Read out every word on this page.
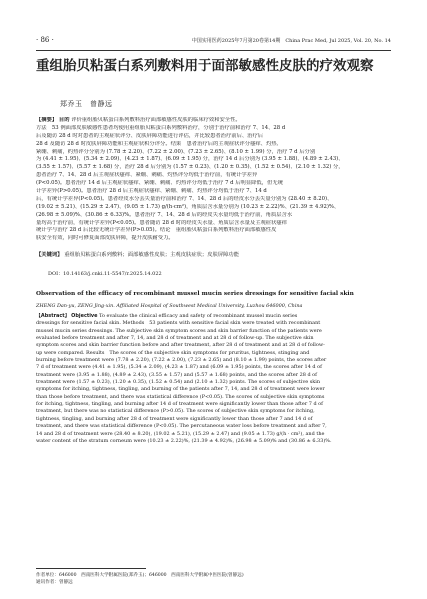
· 86 ·	中国实用医药2025年7月第20卷第14期　China Prac Med, Jul 2025, Vol. 20, No. 14
重组胎贝粘蛋白系列敷料用于面部敏感性皮肤的疗效观察
郑乔玉　曾静远
【摘要】 目的 评价重组胎贝粘蛋白系列敷料治疗面部敏感性皮肤的临床疗效和安全性。
方法　53 例面部皮肤敏感性患者均使用重组胎贝粘蛋白系列敷料治疗，分别于治疗前和治疗 7、14、28 d
后及随访 28 d 时对患者的主观症状评分、皮肤屏障功能进行评估，并比较患者治疗前后、治疗后
28 d 及随访 28 d 时皮肤屏障功能和主观症状积分评分。结果　患者治疗后的主观症状评分瘙痒、灼热、
紧绷、刺痛，约热评分分别为 (7.78 ± 2.20)、(7.22 ± 2.00)、(7.23 ± 2.65)、(8.10 ± 1.99) 分，治疗 7 d 后分别
为 (4.41 ± 1.95)、(5.34 ± 2.09)、(4.23 ± 1.87)、(6.09 ± 1.95) 分，治疗 14 d 后分别为 (3.95 ± 1.88)、(4.89 ± 2.43)、
(3.55 ± 1.57)、(5.57 ± 1.68) 分，治疗 28 d 后分别为 (1.57 ± 0.23)、(1.20 ± 0.35)、(1.52 ± 0.54)、(2.10 ± 1.32) 分，
患者治疗 7、14、28 d 后主观症状瘙痒、紧绷、刺痛、灼热评分均低于治疗前，有统计学差异
(P<0.05)。患者治疗 14 d 后主观症状瘙痒、紧绷、刺痛、灼热评分均低于治疗 7 d 后明显降低，但无统
计学差异(P>0.05)。患者治疗 28 d 后主观症状瘙痒、紧绷、刺痛、灼热评分均低于治疗 7、14 d
后，有统计学差异(P<0.05)。患者经皮水分丢失量治疗前和治疗 7、14、28 d 后的经皮水分丢失量分别为 (28.40 ± 8.20)、
(19.02 ± 5.21)、(15.29 ± 2.47)、(9.05 ± 1.73) g/(h·cm²)，角质层含水量分别为 (10.23 ± 2.22)%、(21.39 ± 4.92)%、
(26.98 ± 5.09)%、(30.86 ± 6.33)%。患者治疗 7、14、28 d 后的经皮失水量均低于治疗前，角质层含水
量均高于治疗前，有统计学差异(P<0.05)。患者随访 28 d 时的经皮失水量、角质层含水量及主观症状瘙痒
统计学与治疗 28 d 后比较无统计学差异(P>0.05)。结论　重组胎贝粘蛋白系列敷料治疗面部敏感性皮
肤安全有效，同时可修复面部皮肤屏障，提升皮肤耐受力。
【关键词】 重组胎贝粘蛋白系列敷料；面部敏感性皮肤；主观皮肤症状；皮肤屏障功能
DOI：10.14163/j.cnki.11-5547/r.2025.14.022
Observation of the efficacy of recombinant mussel mucin series dressings for sensitive facial skin
ZHENG Dan-yu, ZENG Jing-xin. Affiliated Hospital of Southwest Medical University, Luzhou 646000, China
【Abstract】 Objective To evaluate the clinical efficacy and safety of recombinant mussel mucin series
dressings for sensitive facial skin. Methods　53 patients with sensitive facial skin were treated with recombinant
mussel mucin series dressings. The subjective skin symptom scores and skin barrier function of the patients were
evaluated before treatment and after 7, 14, and 28 d of treatment and at 28 d of follow-up. The subjective skin
symptom scores and skin barrier function before and after treatment, after 28 d of treatment and at 28 d of follow-
up were compared. Results　The scores of the subjective skin symptoms for pruritus, tightness, stinging and
burning before treatment were (7.78 ± 2.20), (7.22 ± 2.00), (7.23 ± 2.65) and (8.10 ± 1.99) points, the scores after
7 d of treatment were (4.41 ± 1.95), (5.34 ± 2.09), (4.23 ± 1.87) and (6.09 ± 1.95) points, the scores after 14 d of
treatment were (3.95 ± 1.88), (4.89 ± 2.43), (3.55 ± 1.57) and (5.57 ± 1.68) points, and the scores after 28 d of
treatment were (1.57 ± 0.23), (1.20 ± 0.35), (1.52 ± 0.54) and (2.10 ± 1.32) points. The scores of subjective skin
symptoms for itching, tightness, tingling, and burning of the patients after 7, 14, and 28 d of treatment were lower
than those before treatment, and there was statistical difference (P<0.05). The scores of subjective skin symptoms
for itching, tightness, tingling, and burning after 14 d of treatment were significantly lower than those after 7 d of
treatment, but there was no statistical difference (P>0.05). The scores of subjective skin symptoms for itching,
tightness, tingling, and burning after 28 d of treatment were significantly lower than those after 7 and 14 d of
treatment, and there was statistical difference (P<0.05). The percutaneous water loss before treatment and after 7,
14 and 28 d of treatment were (28.40 ± 8.20), (19.02 ± 5.21), (15.29 ± 2.47) and (9.05 ± 1.73) g/(h · cm²), and the
water content of the stratum corneum were (10.23 ± 2.22)%, (21.39 ± 4.92)%, (26.98 ± 5.09)% and (30.86 ± 6.33)%.
作者单位：646000　西南医科大学附属医院(郑乔玉)；646000　西南医科大学附属中医医院(曾静远)
通讯作者：曾静远
